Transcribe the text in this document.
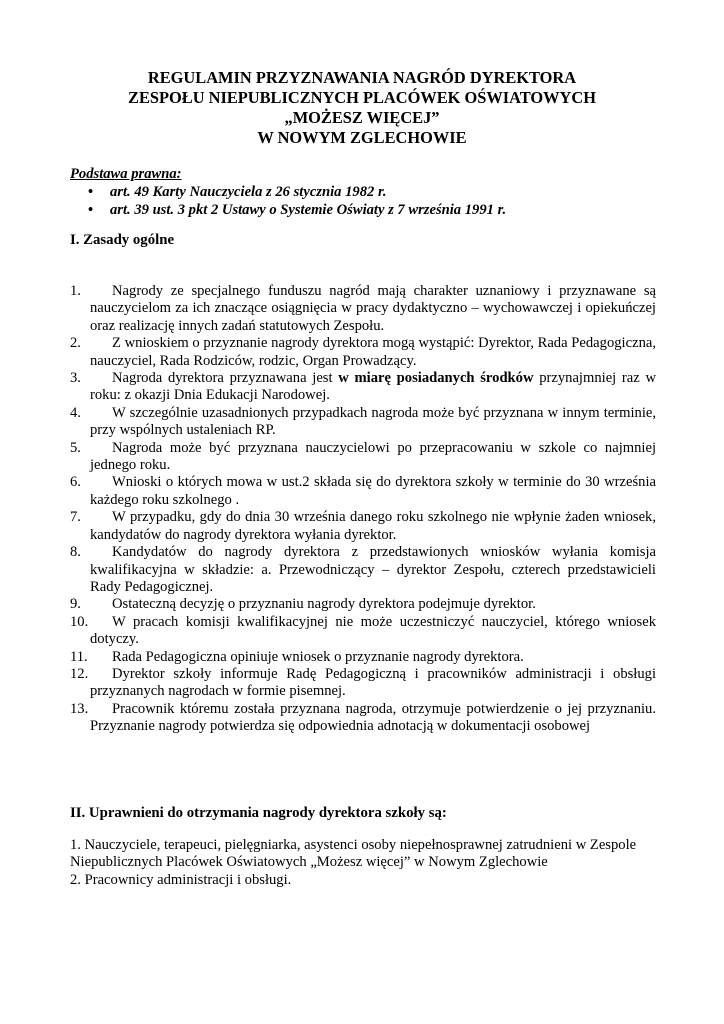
REGULAMIN PRZYZNAWANIA NAGRÓD DYREKTORA

ZESPOŁU NIEPUBLICZNYCH PLACÓWEK OŚWIATOWYCH

„MOŻESZ WIĘCEJ”

W NOWYM ZGLECHOWIE

Podstawa prawna:

• art. 49 Karty Nauczyciela z 26 stycznia 1982 r.
• art. 39 ust. 3 pkt 2 Ustawy o Systemie Oświaty z 7 września 1991 r.

I. Zasady ogólne

1.	Nagrody ze specjalnego funduszu nagród mają charakter uznaniowy i przyznawane są nauczycielom za ich znaczące osiągnięcia w pracy dydaktyczno – wychowawczej i opiekuńczej oraz realizację innych zadań statutowych Zespołu.

2.	Z wnioskiem o przyznanie nagrody dyrektora mogą wystąpić: Dyrektor, Rada Pedagogiczna, nauczyciel, Rada Rodziców, rodzic, Organ Prowadzący.

3.	Nagroda dyrektora przyznawana jest w miarę posiadanych środków przynajmniej raz w roku: z okazji Dnia Edukacji Narodowej.

4.	W szczególnie uzasadnionych przypadkach nagroda może być przyznana w innym terminie, przy wspólnych ustaleniach RP.

5.	Nagroda może być przyznana nauczycielowi po przepracowaniu w szkole co najmniej jednego roku.

6.	Wnioski o których mowa w ust.2 składa się do dyrektora szkoły w terminie do 30 września każdego roku szkolnego .

7.	W przypadku, gdy do dnia 30 września danego roku szkolnego nie wpłynie żaden wniosek, kandydatów do nagrody dyrektora wyłania dyrektor.

8.	Kandydatów do nagrody dyrektora z przedstawionych wniosków wyłania komisja kwalifikacyjna w składzie: a. Przewodniczący – dyrektor Zespołu, czterech przedstawicieli Rady Pedagogicznej.

9.	Ostateczną decyzję o przyznaniu nagrody dyrektora podejmuje dyrektor.

10.	W pracach komisji kwalifikacyjnej nie może uczestniczyć nauczyciel, którego wniosek dotyczy.

11.	Rada Pedagogiczna opiniuje wniosek o przyznanie nagrody dyrektora.

12.	Dyrektor szkoły informuje Radę Pedagogiczną i pracowników administracji i obsługi przyznanych nagrodach w formie pisemnej.

13.	Pracownik któremu została przyznana nagroda, otrzymuje potwierdzenie o jej przyznaniu. Przyznanie nagrody potwierdza się odpowiednia adnotacją w dokumentacji osobowej

II. Uprawnieni do otrzymania nagrody dyrektora szkoły są:

1. Nauczyciele, terapeuci, pielęgniarka, asystenci osoby niepełnosprawnej zatrudnieni w Zespole Niepublicznych Placówek Oświatowych „Możesz więcej” w Nowym Zglechowie

2. Pracownicy administracji i obsługi.
